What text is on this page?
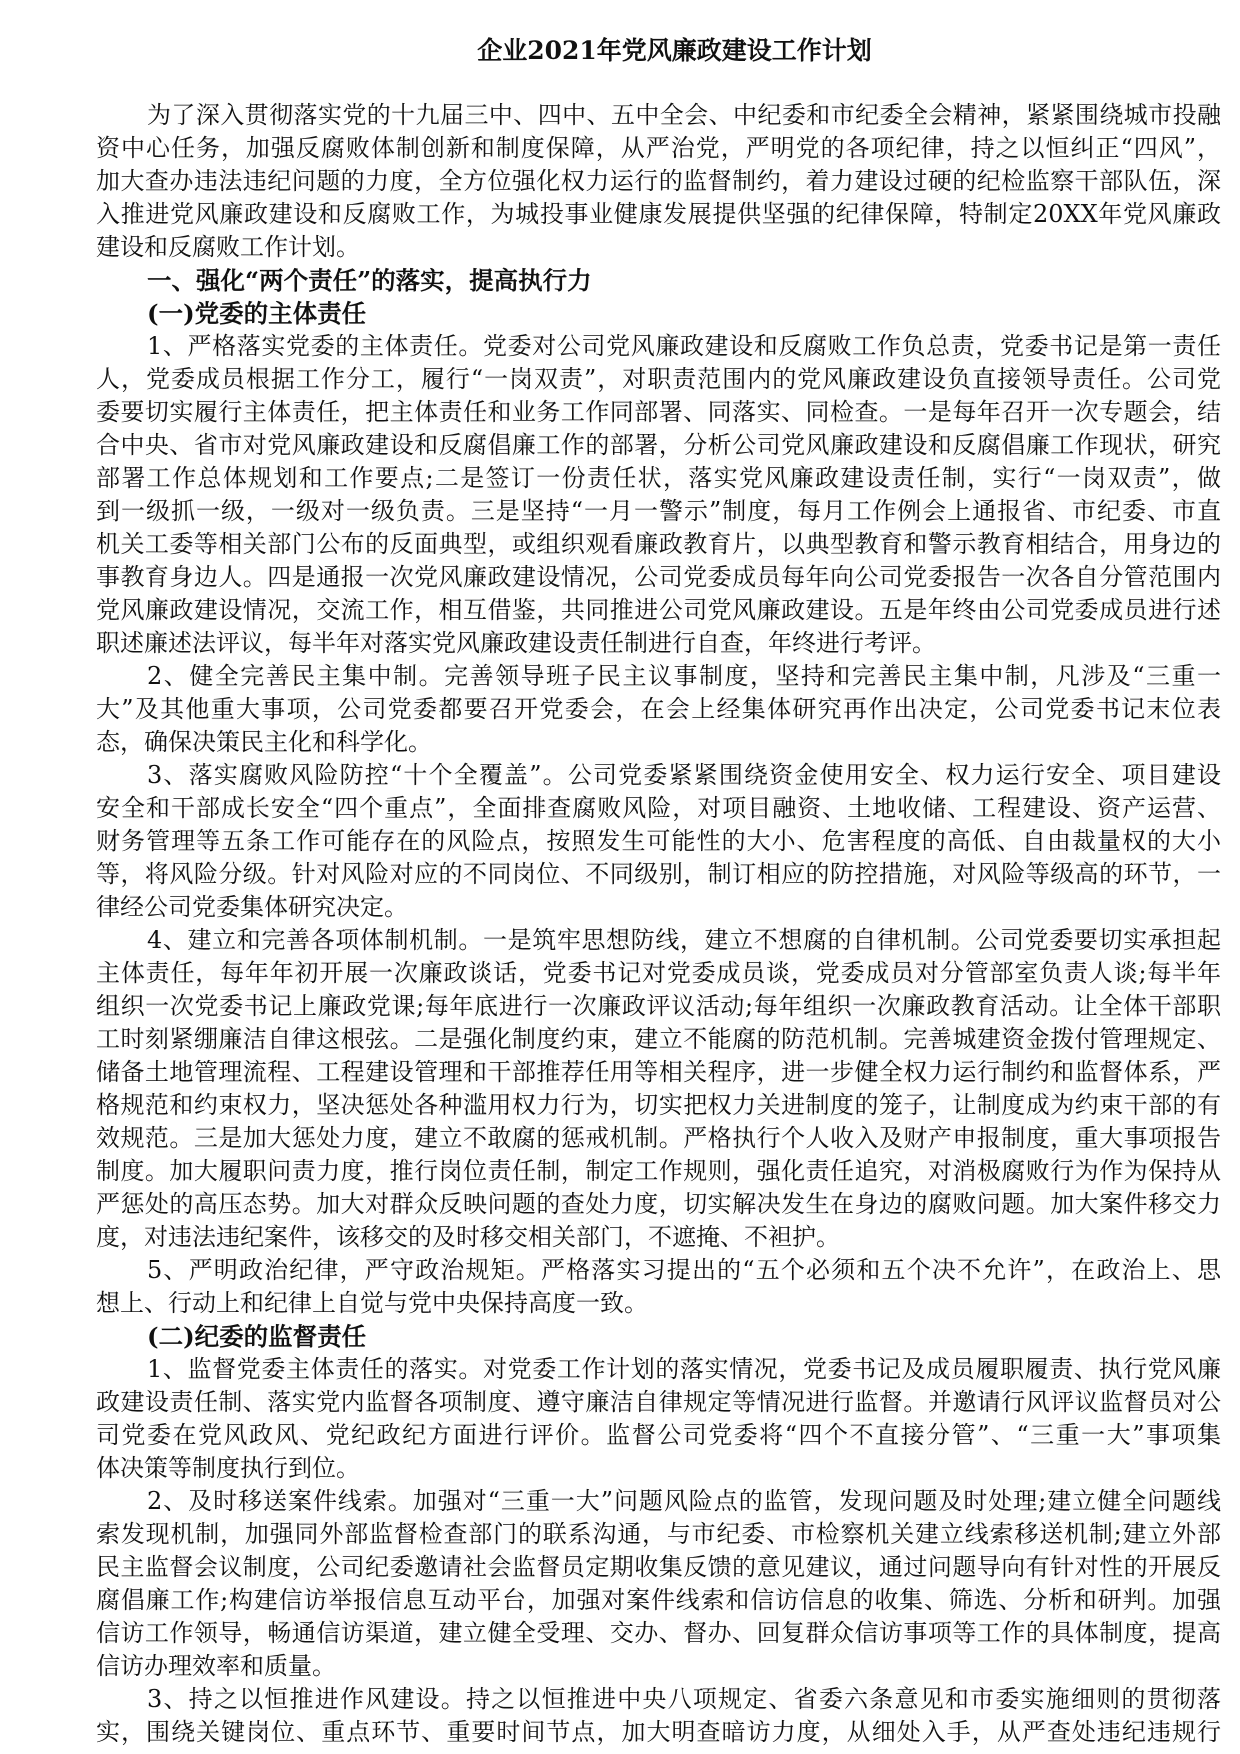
企业2021年党风廉政建设工作计划
为了深入贯彻落实党的十九届三中、四中、五中全会、中纪委和市纪委全会精神，紧紧围绕城市投融
资中心任务，加强反腐败体制创新和制度保障，从严治党，严明党的各项纪律，持之以恒纠正“四风”，
加大查办违法违纪问题的力度，全方位强化权力运行的监督制约，着力建设过硬的纪检监察干部队伍，深
入推进党风廉政建设和反腐败工作，为城投事业健康发展提供坚强的纪律保障，特制定20XX年党风廉政
建设和反腐败工作计划。
一、强化“两个责任”的落实，提高执行力
(一)党委的主体责任
1、严格落实党委的主体责任。党委对公司党风廉政建设和反腐败工作负总责，党委书记是第一责任
人，党委成员根据工作分工，履行“一岗双责”，对职责范围内的党风廉政建设负直接领导责任。公司党
委要切实履行主体责任，把主体责任和业务工作同部署、同落实、同检查。一是每年召开一次专题会，结
合中央、省市对党风廉政建设和反腐倡廉工作的部署，分析公司党风廉政建设和反腐倡廉工作现状，研究
部署工作总体规划和工作要点;二是签订一份责任状，落实党风廉政建设责任制，实行“一岗双责”，做
到一级抓一级，一级对一级负责。三是坚持“一月一警示”制度，每月工作例会上通报省、市纪委、市直
机关工委等相关部门公布的反面典型，或组织观看廉政教育片，以典型教育和警示教育相结合，用身边的
事教育身边人。四是通报一次党风廉政建设情况，公司党委成员每年向公司党委报告一次各自分管范围内
党风廉政建设情况，交流工作，相互借鉴，共同推进公司党风廉政建设。五是年终由公司党委成员进行述
职述廉述法评议，每半年对落实党风廉政建设责任制进行自查，年终进行考评。
2、健全完善民主集中制。完善领导班子民主议事制度，坚持和完善民主集中制，凡涉及“三重一
大”及其他重大事项，公司党委都要召开党委会，在会上经集体研究再作出决定，公司党委书记末位表
态，确保决策民主化和科学化。
3、落实腐败风险防控“十个全覆盖”。公司党委紧紧围绕资金使用安全、权力运行安全、项目建设
安全和干部成长安全“四个重点”，全面排查腐败风险，对项目融资、土地收储、工程建设、资产运营、
财务管理等五条工作可能存在的风险点，按照发生可能性的大小、危害程度的高低、自由裁量权的大小
等，将风险分级。针对风险对应的不同岗位、不同级别，制订相应的防控措施，对风险等级高的环节，一
律经公司党委集体研究决定。
4、建立和完善各项体制机制。一是筑牢思想防线，建立不想腐的自律机制。公司党委要切实承担起
主体责任，每年年初开展一次廉政谈话，党委书记对党委成员谈，党委成员对分管部室负责人谈;每半年
组织一次党委书记上廉政党课;每年底进行一次廉政评议活动;每年组织一次廉政教育活动。让全体干部职
工时刻紧绷廉洁自律这根弦。二是强化制度约束，建立不能腐的防范机制。完善城建资金拨付管理规定、
储备土地管理流程、工程建设管理和干部推荐任用等相关程序，进一步健全权力运行制约和监督体系，严
格规范和约束权力，坚决惩处各种滥用权力行为，切实把权力关进制度的笼子，让制度成为约束干部的有
效规范。三是加大惩处力度，建立不敢腐的惩戒机制。严格执行个人收入及财产申报制度，重大事项报告
制度。加大履职问责力度，推行岗位责任制，制定工作规则，强化责任追究，对消极腐败行为作为保持从
严惩处的高压态势。加大对群众反映问题的查处力度，切实解决发生在身边的腐败问题。加大案件移交力
度，对违法违纪案件，该移交的及时移交相关部门，不遮掩、不袒护。
5、严明政治纪律，严守政治规矩。严格落实习提出的“五个必须和五个决不允许”，在政治上、思
想上、行动上和纪律上自觉与党中央保持高度一致。
(二)纪委的监督责任
1、监督党委主体责任的落实。对党委工作计划的落实情况，党委书记及成员履职履责、执行党风廉
政建设责任制、落实党内监督各项制度、遵守廉洁自律规定等情况进行监督。并邀请行风评议监督员对公
司党委在党风政风、党纪政纪方面进行评价。监督公司党委将“四个不直接分管”、“三重一大”事项集
体决策等制度执行到位。
2、及时移送案件线索。加强对“三重一大”问题风险点的监管，发现问题及时处理;建立健全问题线
索发现机制，加强同外部监督检查部门的联系沟通，与市纪委、市检察机关建立线索移送机制;建立外部
民主监督会议制度，公司纪委邀请社会监督员定期收集反馈的意见建议，通过问题导向有针对性的开展反
腐倡廉工作;构建信访举报信息互动平台，加强对案件线索和信访信息的收集、筛选、分析和研判。加强
信访工作领导，畅通信访渠道，建立健全受理、交办、督办、回复群众信访事项等工作的具体制度，提高
信访办理效率和质量。
3、持之以恒推进作风建设。持之以恒推进中央八项规定、省委六条意见和市委实施细则的贯彻落
实，围绕关键岗位、重点环节、重要时间节点，加大明查暗访力度，从细处入手，从严查处违纪违规行
